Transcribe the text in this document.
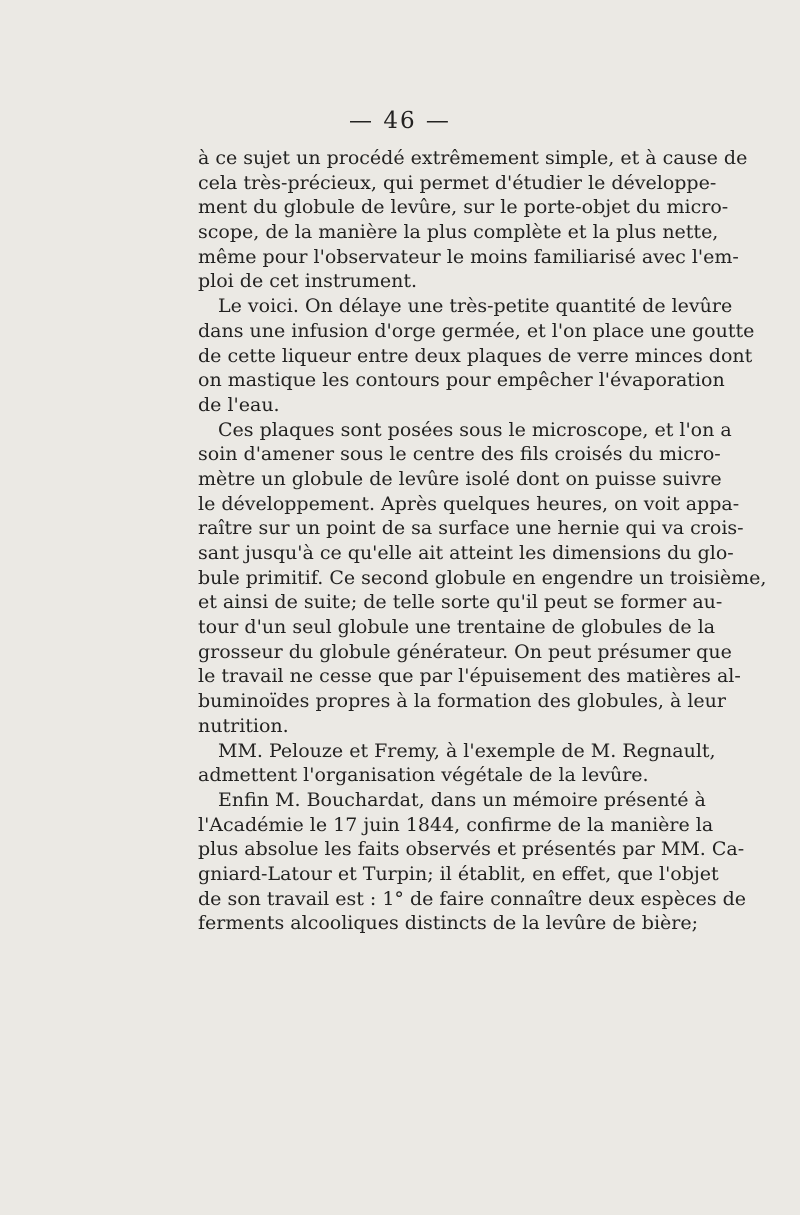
— 46 —
à ce sujet un procédé extrêmement simple, et à cause de
cela très-précieux, qui permet d'étudier le développe-
ment du globule de levûre, sur le porte-objet du micro-
scope, de la manière la plus complète et la plus nette,
même pour l'observateur le moins familiarisé avec l'em-
ploi de cet instrument.
Le voici. On délaye une très-petite quantité de levûre
dans une infusion d'orge germée, et l'on place une goutte
de cette liqueur entre deux plaques de verre minces dont
on mastique les contours pour empêcher l'évaporation
de l'eau.
Ces plaques sont posées sous le microscope, et l'on a
soin d'amener sous le centre des fils croisés du micro-
mètre un globule de levûre isolé dont on puisse suivre
le développement. Après quelques heures, on voit appa-
raître sur un point de sa surface une hernie qui va crois-
sant jusqu'à ce qu'elle ait atteint les dimensions du glo-
bule primitif. Ce second globule en engendre un troisième,
et ainsi de suite; de telle sorte qu'il peut se former au-
tour d'un seul globule une trentaine de globules de la
grosseur du globule générateur. On peut présumer que
le travail ne cesse que par l'épuisement des matières al-
buminoïdes propres à la formation des globules, à leur
nutrition.
MM. Pelouze et Fremy, à l'exemple de M. Regnault,
admettent l'organisation végétale de la levûre.
Enfin M. Bouchardat, dans un mémoire présenté à
l'Académie le 17 juin 1844, confirme de la manière la
plus absolue les faits observés et présentés par MM. Ca-
gniard-Latour et Turpin; il établit, en effet, que l'objet
de son travail est : 1° de faire connaître deux espèces de
ferments alcooliques distincts de la levûre de bière;
